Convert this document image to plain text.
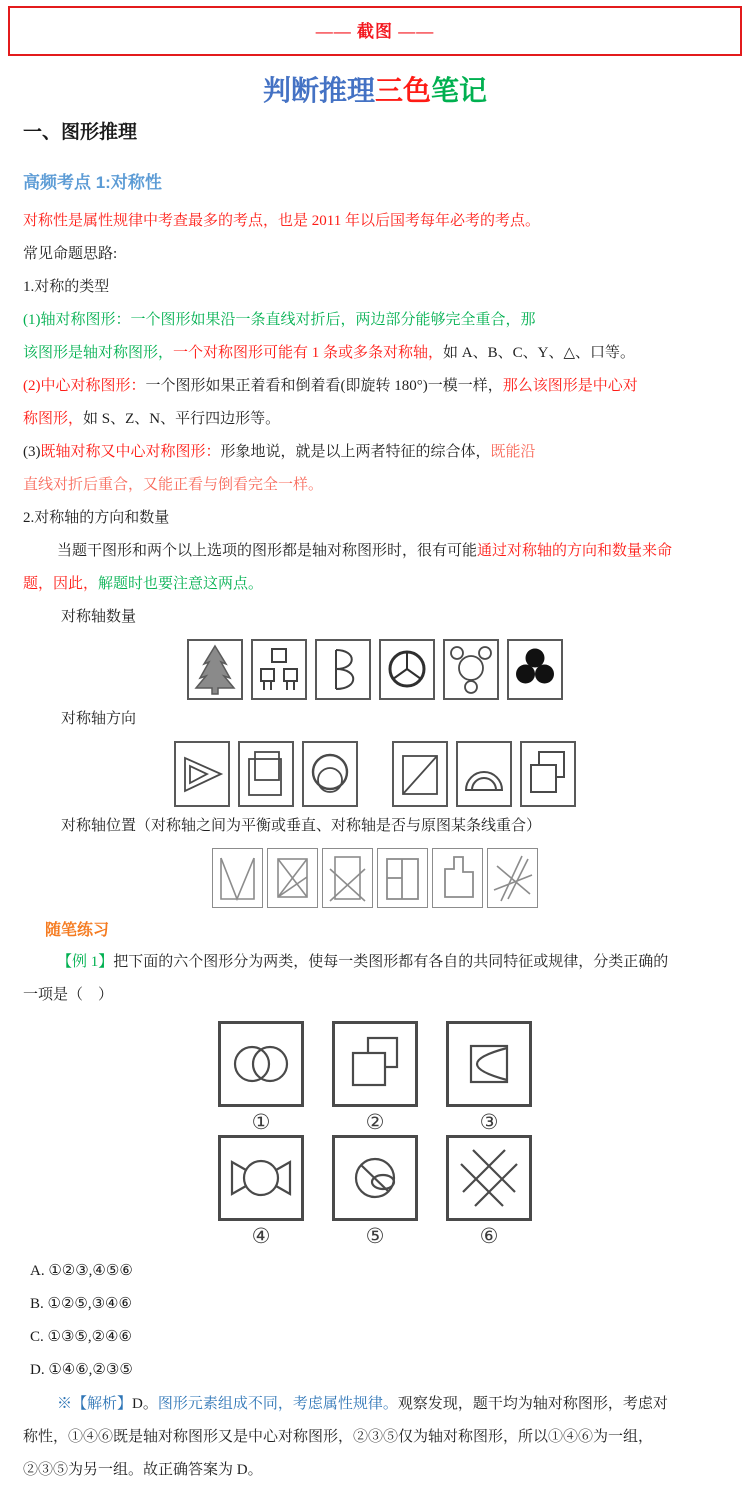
—— 截图 ——
判断推理三色笔记
一、图形推理
高频考点 1:对称性

对称性是属性规律中考查最多的考点，也是 2011 年以后国考每年必考的考点。

常见命题思路:

1.对称的类型

(1)轴对称图形：一个图形如果沿一条直线对折后，两边部分能够完全重合，那

该图形是轴对称图形，一个对称图形可能有 1 条或多条对称轴，如 A、B、C、Y、△、口等。

(2)中心对称图形：一个图形如果正着看和倒着看(即旋转 180°)一模一样，那么该图形是中心对

称图形，如 S、Z、N、平行四边形等。

(3)既轴对称又中心对称图形：形象地说，就是以上两者特征的综合体，既能沿

直线对折后重合，又能正看与倒看完全一样。

2.对称轴的方向和数量

当题干图形和两个以上选项的图形都是轴对称图形时，很有可能通过对称轴的方向和数量来命

题，因此，解题时也要注意这两点。

对称轴数量

对称轴方向

对称轴位置（对称轴之间为平衡或垂直、对称轴是否与原图某条线重合）

随笔练习

【例 1】把下面的六个图形分为两类，使每一类图形都有各自的共同特征或规律，分类正确的

一项是（　）

①	②	③
④	⑤	⑥

A. ①②③,④⑤⑥

B. ①②⑤,③④⑥

C. ①③⑤,②④⑥

D. ①④⑥,②③⑤

※【解析】D。图形元素组成不同，考虑属性规律。观察发现，题干均为轴对称图形，考虑对

称性，①④⑥既是轴对称图形又是中心对称图形，②③⑤仅为轴对称图形，所以①④⑥为一组，

②③⑤为另一组。故正确答案为 D。
